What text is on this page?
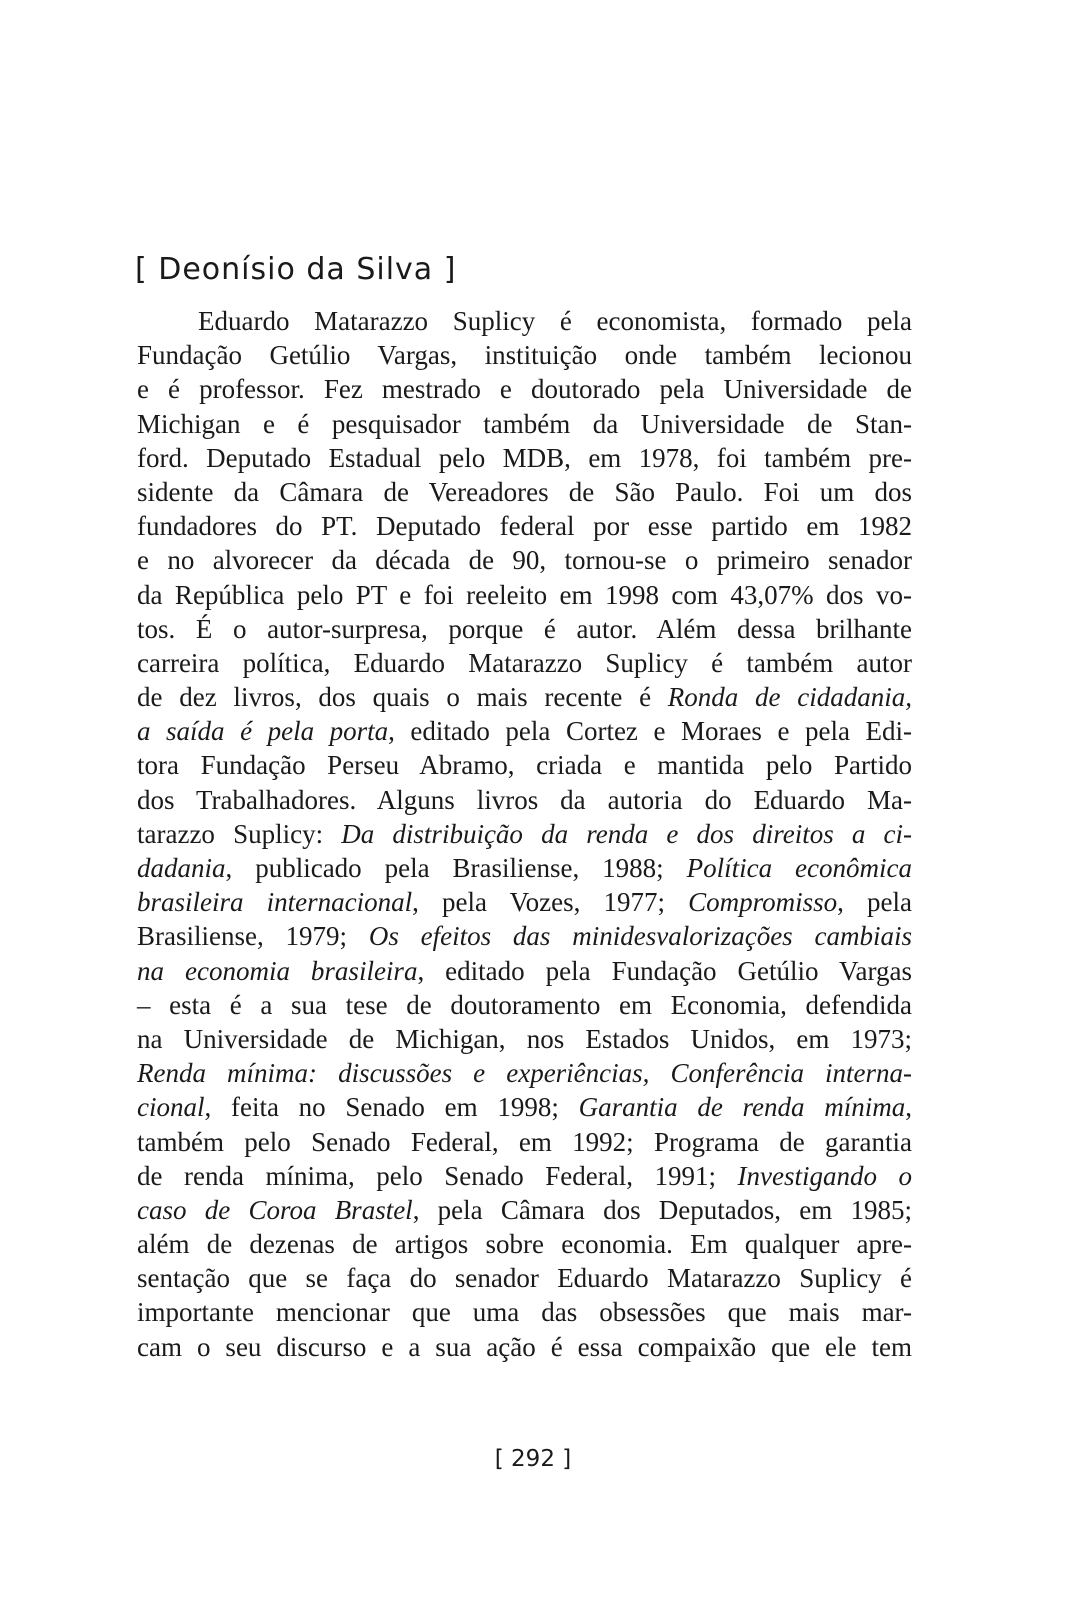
[ Deonísio da Silva ]
Eduardo Matarazzo Suplicy é economista, formado pela
Fundação Getúlio Vargas, instituição onde também lecionou
e é professor. Fez mestrado e doutorado pela Universidade de
Michigan e é pesquisador também da Universidade de Stan-
ford. Deputado Estadual pelo MDB, em 1978, foi também pre-
sidente da Câmara de Vereadores de São Paulo. Foi um dos
fundadores do PT. Deputado federal por esse partido em 1982
e no alvorecer da década de 90, tornou-se o primeiro senador
da República pelo PT e foi reeleito em 1998 com 43,07% dos vo-
tos. É o autor-surpresa, porque é autor. Além dessa brilhante
carreira política, Eduardo Matarazzo Suplicy é também autor
de dez livros, dos quais o mais recente é Ronda de cidadania,
a saída é pela porta, editado pela Cortez e Moraes e pela Edi-
tora Fundação Perseu Abramo, criada e mantida pelo Partido
dos Trabalhadores. Alguns livros da autoria do Eduardo Ma-
tarazzo Suplicy: Da distribuição da renda e dos direitos a ci-
dadania, publicado pela Brasiliense, 1988; Política econômica
brasileira internacional, pela Vozes, 1977; Compromisso, pela
Brasiliense, 1979; Os efeitos das minidesvalorizações cambiais
na economia brasileira, editado pela Fundação Getúlio Vargas
– esta é a sua tese de doutoramento em Economia, defendida
na Universidade de Michigan, nos Estados Unidos, em 1973;
Renda mínima: discussões e experiências, Conferência interna-
cional, feita no Senado em 1998; Garantia de renda mínima,
também pelo Senado Federal, em 1992; Programa de garantia
de renda mínima, pelo Senado Federal, 1991; Investigando o
caso de Coroa Brastel, pela Câmara dos Deputados, em 1985;
além de dezenas de artigos sobre economia. Em qualquer apre-
sentação que se faça do senador Eduardo Matarazzo Suplicy é
importante mencionar que uma das obsessões que mais mar-
cam o seu discurso e a sua ação é essa compaixão que ele tem

[ 292 ]
